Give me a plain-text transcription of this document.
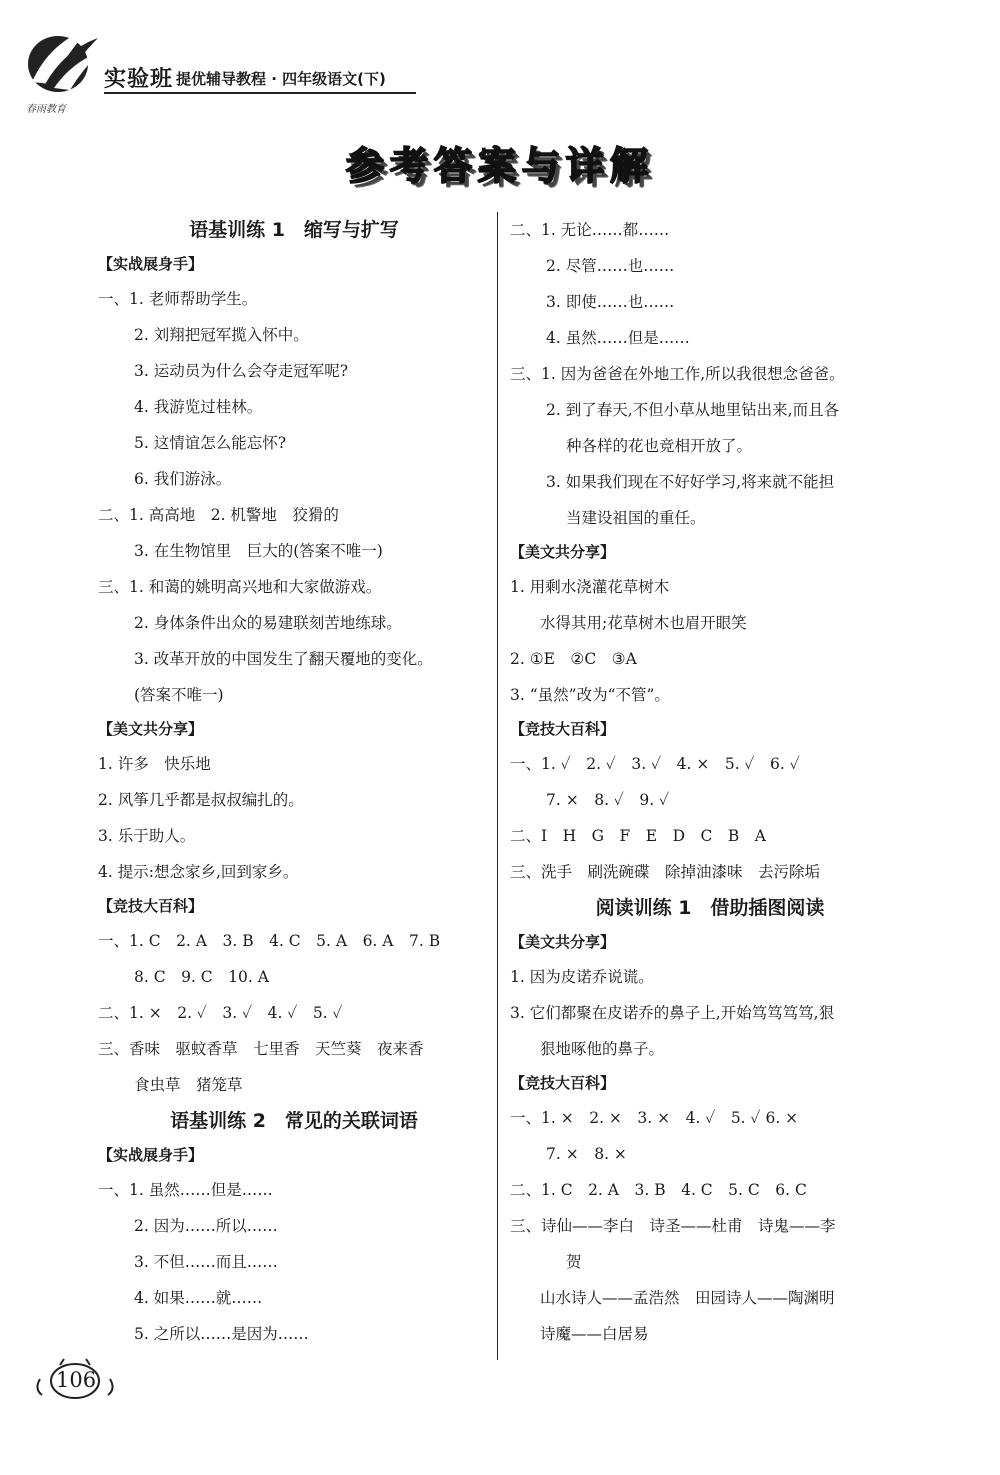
春雨教育
实验班 提优辅导教程 · 四年级语文(下)
参考答案与详解
语基训练 1　缩写与扩写
【实战展身手】
一、1. 老师帮助学生。
2. 刘翔把冠军揽入怀中。
3. 运动员为什么会夺走冠军呢?
4. 我游览过桂林。
5. 这情谊怎么能忘怀?
6. 我们游泳。
二、1. 高高地　2. 机警地　狡猾的
3. 在生物馆里　巨大的(答案不唯一)
三、1. 和蔼的姚明高兴地和大家做游戏。
2. 身体条件出众的易建联刻苦地练球。
3. 改革开放的中国发生了翻天覆地的变化。
(答案不唯一)
【美文共分享】
1. 许多　快乐地
2. 风筝几乎都是叔叔编扎的。
3. 乐于助人。
4. 提示:想念家乡,回到家乡。
【竞技大百科】
一、1. C　2. A　3. B　4. C　5. A　6. A　7. B
8. C　9. C　10. A
二、1. ×　2. ✓　3. ✓　4. ✓　5. ✓
三、香味　驱蚊香草　七里香　天竺葵　夜来香
食虫草　猪笼草
语基训练 2　常见的关联词语
【实战展身手】
一、1. 虽然……但是……
2. 因为……所以……
3. 不但……而且……
4. 如果……就……
5. 之所以……是因为……
二、1. 无论……都……
2. 尽管……也……
3. 即使……也……
4. 虽然……但是……
三、1. 因为爸爸在外地工作,所以我很想念爸爸。
2. 到了春天,不但小草从地里钻出来,而且各
种各样的花也竞相开放了。
3. 如果我们现在不好好学习,将来就不能担
当建设祖国的重任。
【美文共分享】
1. 用剩水浇灌花草树木
水得其用;花草树木也眉开眼笑
2. ①E　②C　③A
3. “虽然”改为“不管”。
【竞技大百科】
一、1. ✓　2. ✓　3. ✓　4. ×　5. ✓　6. ✓
7. ×　8. ✓　9. ✓
二、I　H　G　F　E　D　C　B　A
三、洗手　刷洗碗碟　除掉油漆味　去污除垢
阅读训练 1　借助插图阅读
【美文共分享】
1. 因为皮诺乔说谎。
3. 它们都聚在皮诺乔的鼻子上,开始笃笃笃笃,狠
狠地啄他的鼻子。
【竞技大百科】
一、1. ×　2. ×　3. ×　4. ✓　5. ✓ 6. ×
7. ×　8. ×
二、1. C　2. A　3. B　4. C　5. C　6. C
三、诗仙——李白　诗圣——杜甫　诗鬼——李
贺
山水诗人——孟浩然　田园诗人——陶渊明
诗魔——白居易
106
